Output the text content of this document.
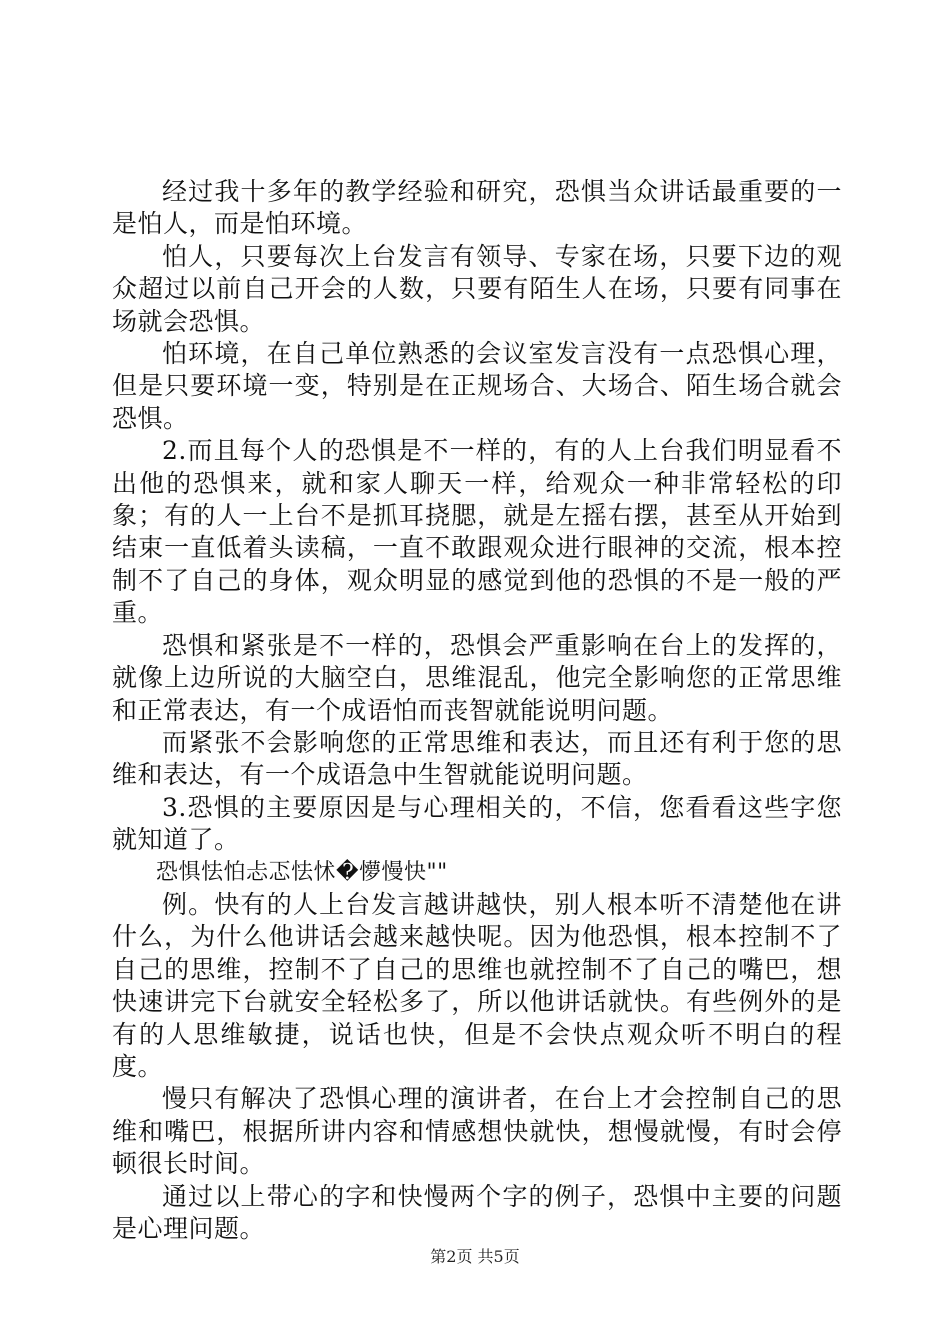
经过我十多年的教学经验和研究，恐惧当众讲话最重要的一是怕人，而是怕环境。

怕人，只要每次上台发言有领导、专家在场，只要下边的观众超过以前自己开会的人数，只要有陌生人在场，只要有同事在场就会恐惧。

怕环境，在自己单位熟悉的会议室发言没有一点恐惧心理，但是只要环境一变，特别是在正规场合、大场合、陌生场合就会恐惧。

2.而且每个人的恐惧是不一样的，有的人上台我们明显看不出他的恐惧来，就和家人聊天一样，给观众一种非常轻松的印象；有的人一上台不是抓耳挠腮，就是左摇右摆，甚至从开始到结束一直低着头读稿，一直不敢跟观众进行眼神的交流，根本控制不了自己的身体，观众明显的感觉到他的恐惧的不是一般的严重。

恐惧和紧张是不一样的，恐惧会严重影响在台上的发挥的，就像上边所说的大脑空白，思维混乱，他完全影响您的正常思维和正常表达，有一个成语怕而丧智就能说明问题。

而紧张不会影响您的正常思维和表达，而且还有利于您的思维和表达，有一个成语急中生智就能说明问题。

3.恐惧的主要原因是与心理相关的，不信，您看看这些字您就知道了。

恐惧怯怕忐忑怯怵�懜慢快""

例。快有的人上台发言越讲越快，别人根本听不清楚他在讲什么，为什么他讲话会越来越快呢。因为他恐惧，根本控制不了自己的思维，控制不了自己的思维也就控制不了自己的嘴巴，想快速讲完下台就安全轻松多了，所以他讲话就快。有些例外的是有的人思维敏捷，说话也快，但是不会快点观众听不明白的程度。

慢只有解决了恐惧心理的演讲者，在台上才会控制自己的思维和嘴巴，根据所讲内容和情感想快就快，想慢就慢，有时会停顿很长时间。

通过以上带心的字和快慢两个字的例子，恐惧中主要的问题是心理问题。

第2页 共5页
